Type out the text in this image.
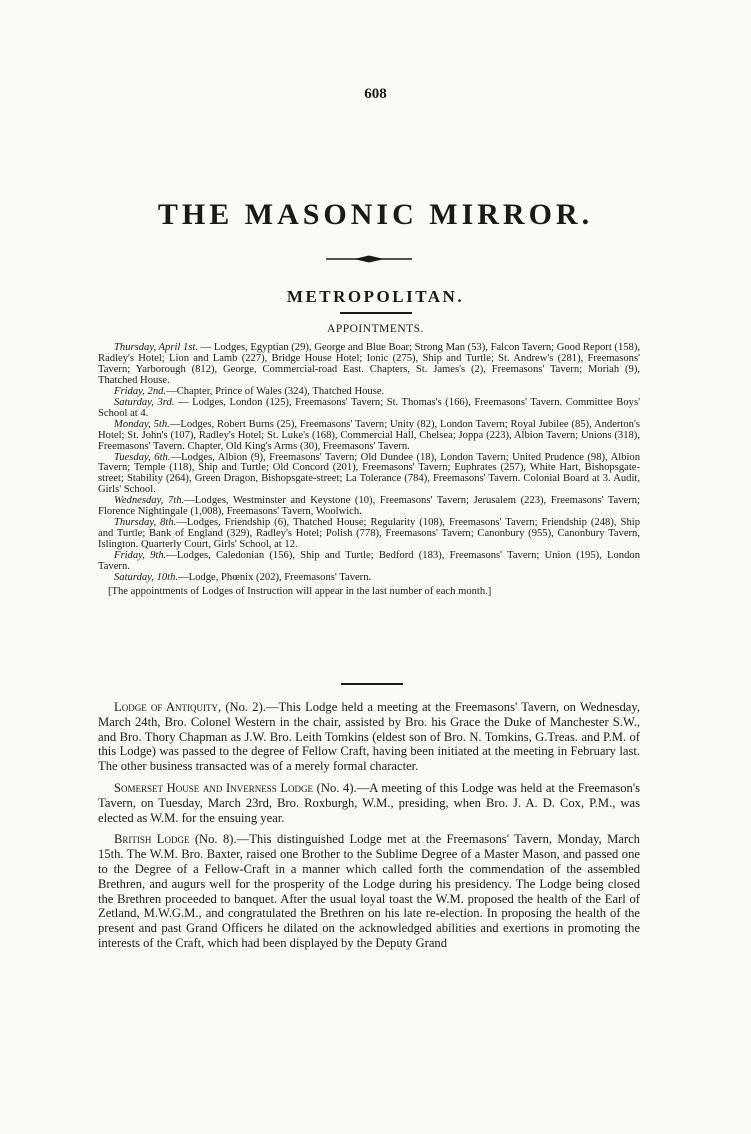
608
THE MASONIC MIRROR.
METROPOLITAN.
APPOINTMENTS.

Thursday, April 1st. — Lodges, Egyptian (29), George and Blue Boar; Strong Man (53), Falcon Tavern; Good Report (158), Radley's Hotel; Lion and Lamb (227), Bridge House Hotel; Ionic (275), Ship and Turtle; St. Andrew's (281), Freemasons' Tavern; Yarborough (812), George, Commercial-road East. Chapters, St. James's (2), Freemasons' Tavern; Moriah (9), Thatched House.

Friday, 2nd.—Chapter, Prince of Wales (324), Thatched House.

Saturday, 3rd. — Lodges, London (125), Freemasons' Tavern; St. Thomas's (166), Freemasons' Tavern. Committee Boys' School at 4.

Monday, 5th.—Lodges, Robert Burns (25), Freemasons' Tavern; Unity (82), London Tavern; Royal Jubilee (85), Anderton's Hotel; St. John's (107), Radley's Hotel; St. Luke's (168), Commercial Hall, Chelsea; Joppa (223), Albion Tavern; Unions (318), Freemasons' Tavern. Chapter, Old King's Arms (30), Freemasons' Tavern.

Tuesday, 6th.—Lodges, Albion (9), Freemasons' Tavern; Old Dundee (18), London Tavern; United Prudence (98), Albion Tavern; Temple (118), Ship and Turtle; Old Concord (201), Freemasons' Tavern; Euphrates (257), White Hart, Bishopsgate-street; Stability (264), Green Dragon, Bishopsgate-street; La Tolerance (784), Freemasons' Tavern. Colonial Board at 3. Audit, Girls' School.

Wednesday, 7th.—Lodges, Westminster and Keystone (10), Freemasons' Tavern; Jerusalem (223), Freemasons' Tavern; Florence Nightingale (1,008), Freemasons' Tavern, Woolwich.

Thursday, 8th.—Lodges, Friendship (6), Thatched House; Regularity (108), Freemasons' Tavern; Friendship (248), Ship and Turtle; Bank of England (329), Radley's Hotel; Polish (778), Freemasons' Tavern; Canonbury (955), Canonbury Tavern, Islington. Quarterly Court, Girls' School, at 12.

Friday, 9th.—Lodges, Caledonian (156), Ship and Turtle; Bedford (183), Freemasons' Tavern; Union (195), London Tavern.

Saturday, 10th.—Lodge, Phœnix (202), Freemasons' Tavern.

[The appointments of Lodges of Instruction will appear in the last number of each month.]

Lodge of Antiquity, (No. 2).—This Lodge held a meeting at the Freemasons' Tavern, on Wednesday, March 24th, Bro. Colonel Western in the chair, assisted by Bro. his Grace the Duke of Manchester S.W., and Bro. Thory Chapman as J.W. Bro. Leith Tomkins (eldest son of Bro. N. Tomkins, G.Treas. and P.M. of this Lodge) was passed to the degree of Fellow Craft, having been initiated at the meeting in February last. The other business transacted was of a merely formal character.

Somerset House and Inverness Lodge (No. 4).—A meeting of this Lodge was held at the Freemason's Tavern, on Tuesday, March 23rd, Bro. Roxburgh, W.M., presiding, when Bro. J. A. D. Cox, P.M., was elected as W.M. for the ensuing year.

British Lodge (No. 8).—This distinguished Lodge met at the Freemasons' Tavern, Monday, March 15th. The W.M. Bro. Baxter, raised one Brother to the Sublime Degree of a Master Mason, and passed one to the Degree of a Fellow-Craft in a manner which called forth the commendation of the assembled Brethren, and augurs well for the prosperity of the Lodge during his presidency. The Lodge being closed the Brethren proceeded to banquet. After the usual loyal toast the W.M. proposed the health of the Earl of Zetland, M.W.G.M., and congratulated the Brethren on his late re-election. In proposing the health of the present and past Grand Officers he dilated on the acknowledged abilities and exertions in promoting the interests of the Craft, which had been displayed by the Deputy Grand
